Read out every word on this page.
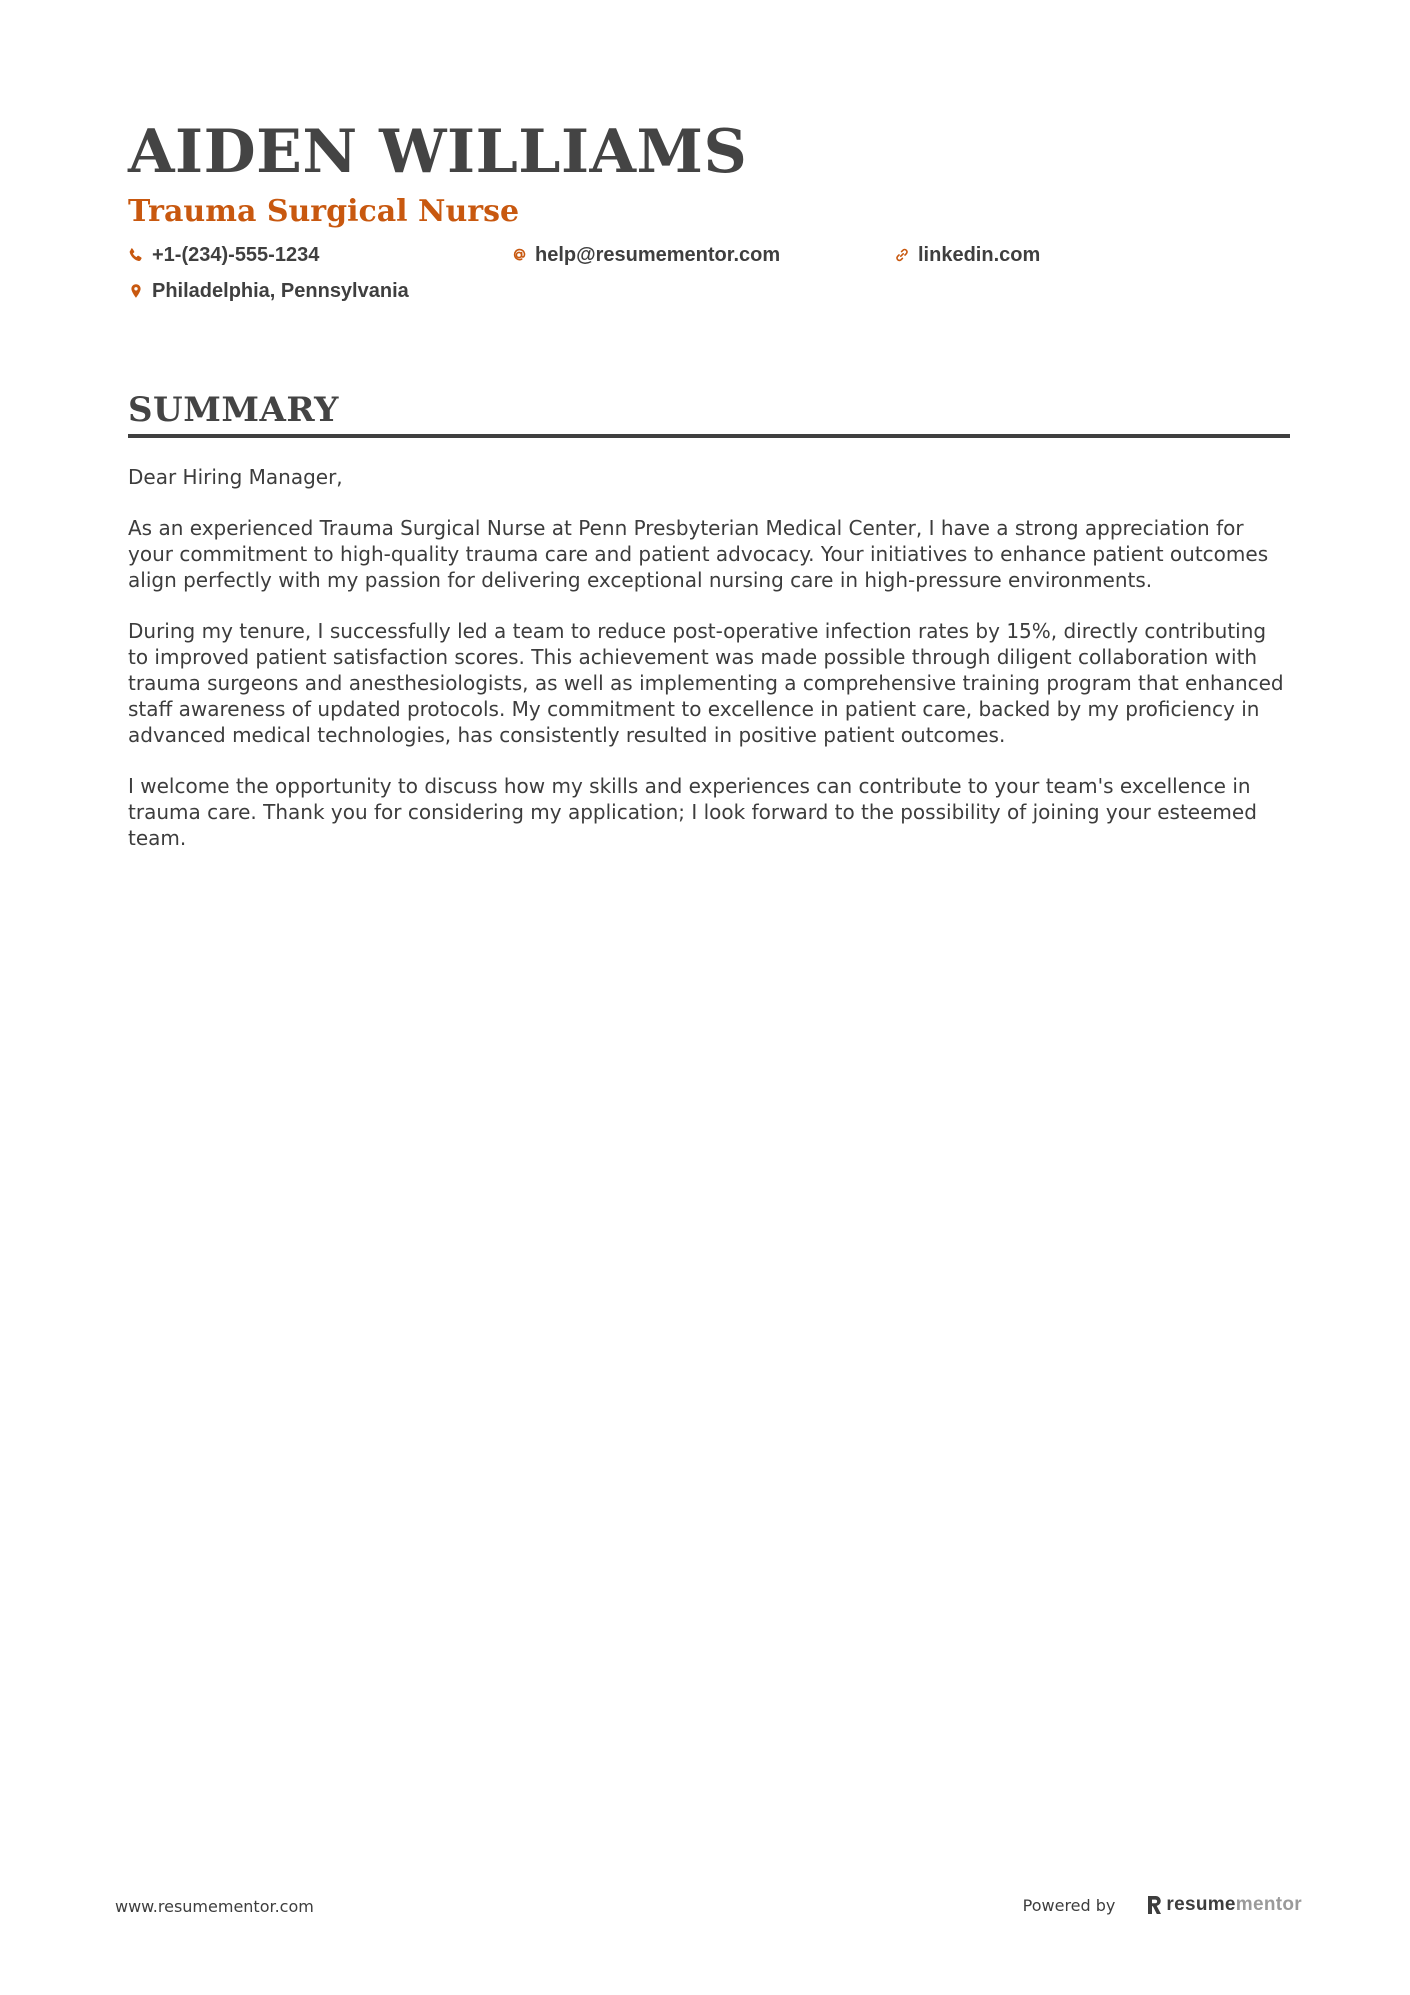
AIDEN WILLIAMS
Trauma Surgical Nurse
+1-(234)-555-1234	help@resumementor.com	linkedin.com
Philadelphia, Pennsylvania
SUMMARY

Dear Hiring Manager,

As an experienced Trauma Surgical Nurse at Penn Presbyterian Medical Center, I have a strong appreciation for your commitment to high-quality trauma care and patient advocacy. Your initiatives to enhance patient outcomes align perfectly with my passion for delivering exceptional nursing care in high-pressure environments.

During my tenure, I successfully led a team to reduce post-operative infection rates by 15%, directly contributing to improved patient satisfaction scores. This achievement was made possible through diligent collaboration with trauma surgeons and anesthesiologists, as well as implementing a comprehensive training program that enhanced staff awareness of updated protocols. My commitment to excellence in patient care, backed by my proficiency in advanced medical technologies, has consistently resulted in positive patient outcomes.

I welcome the opportunity to discuss how my skills and experiences can contribute to your team's excellence in trauma care. Thank you for considering my application; I look forward to the possibility of joining your esteemed team.

www.resumementor.com	Powered by	resume mentor
